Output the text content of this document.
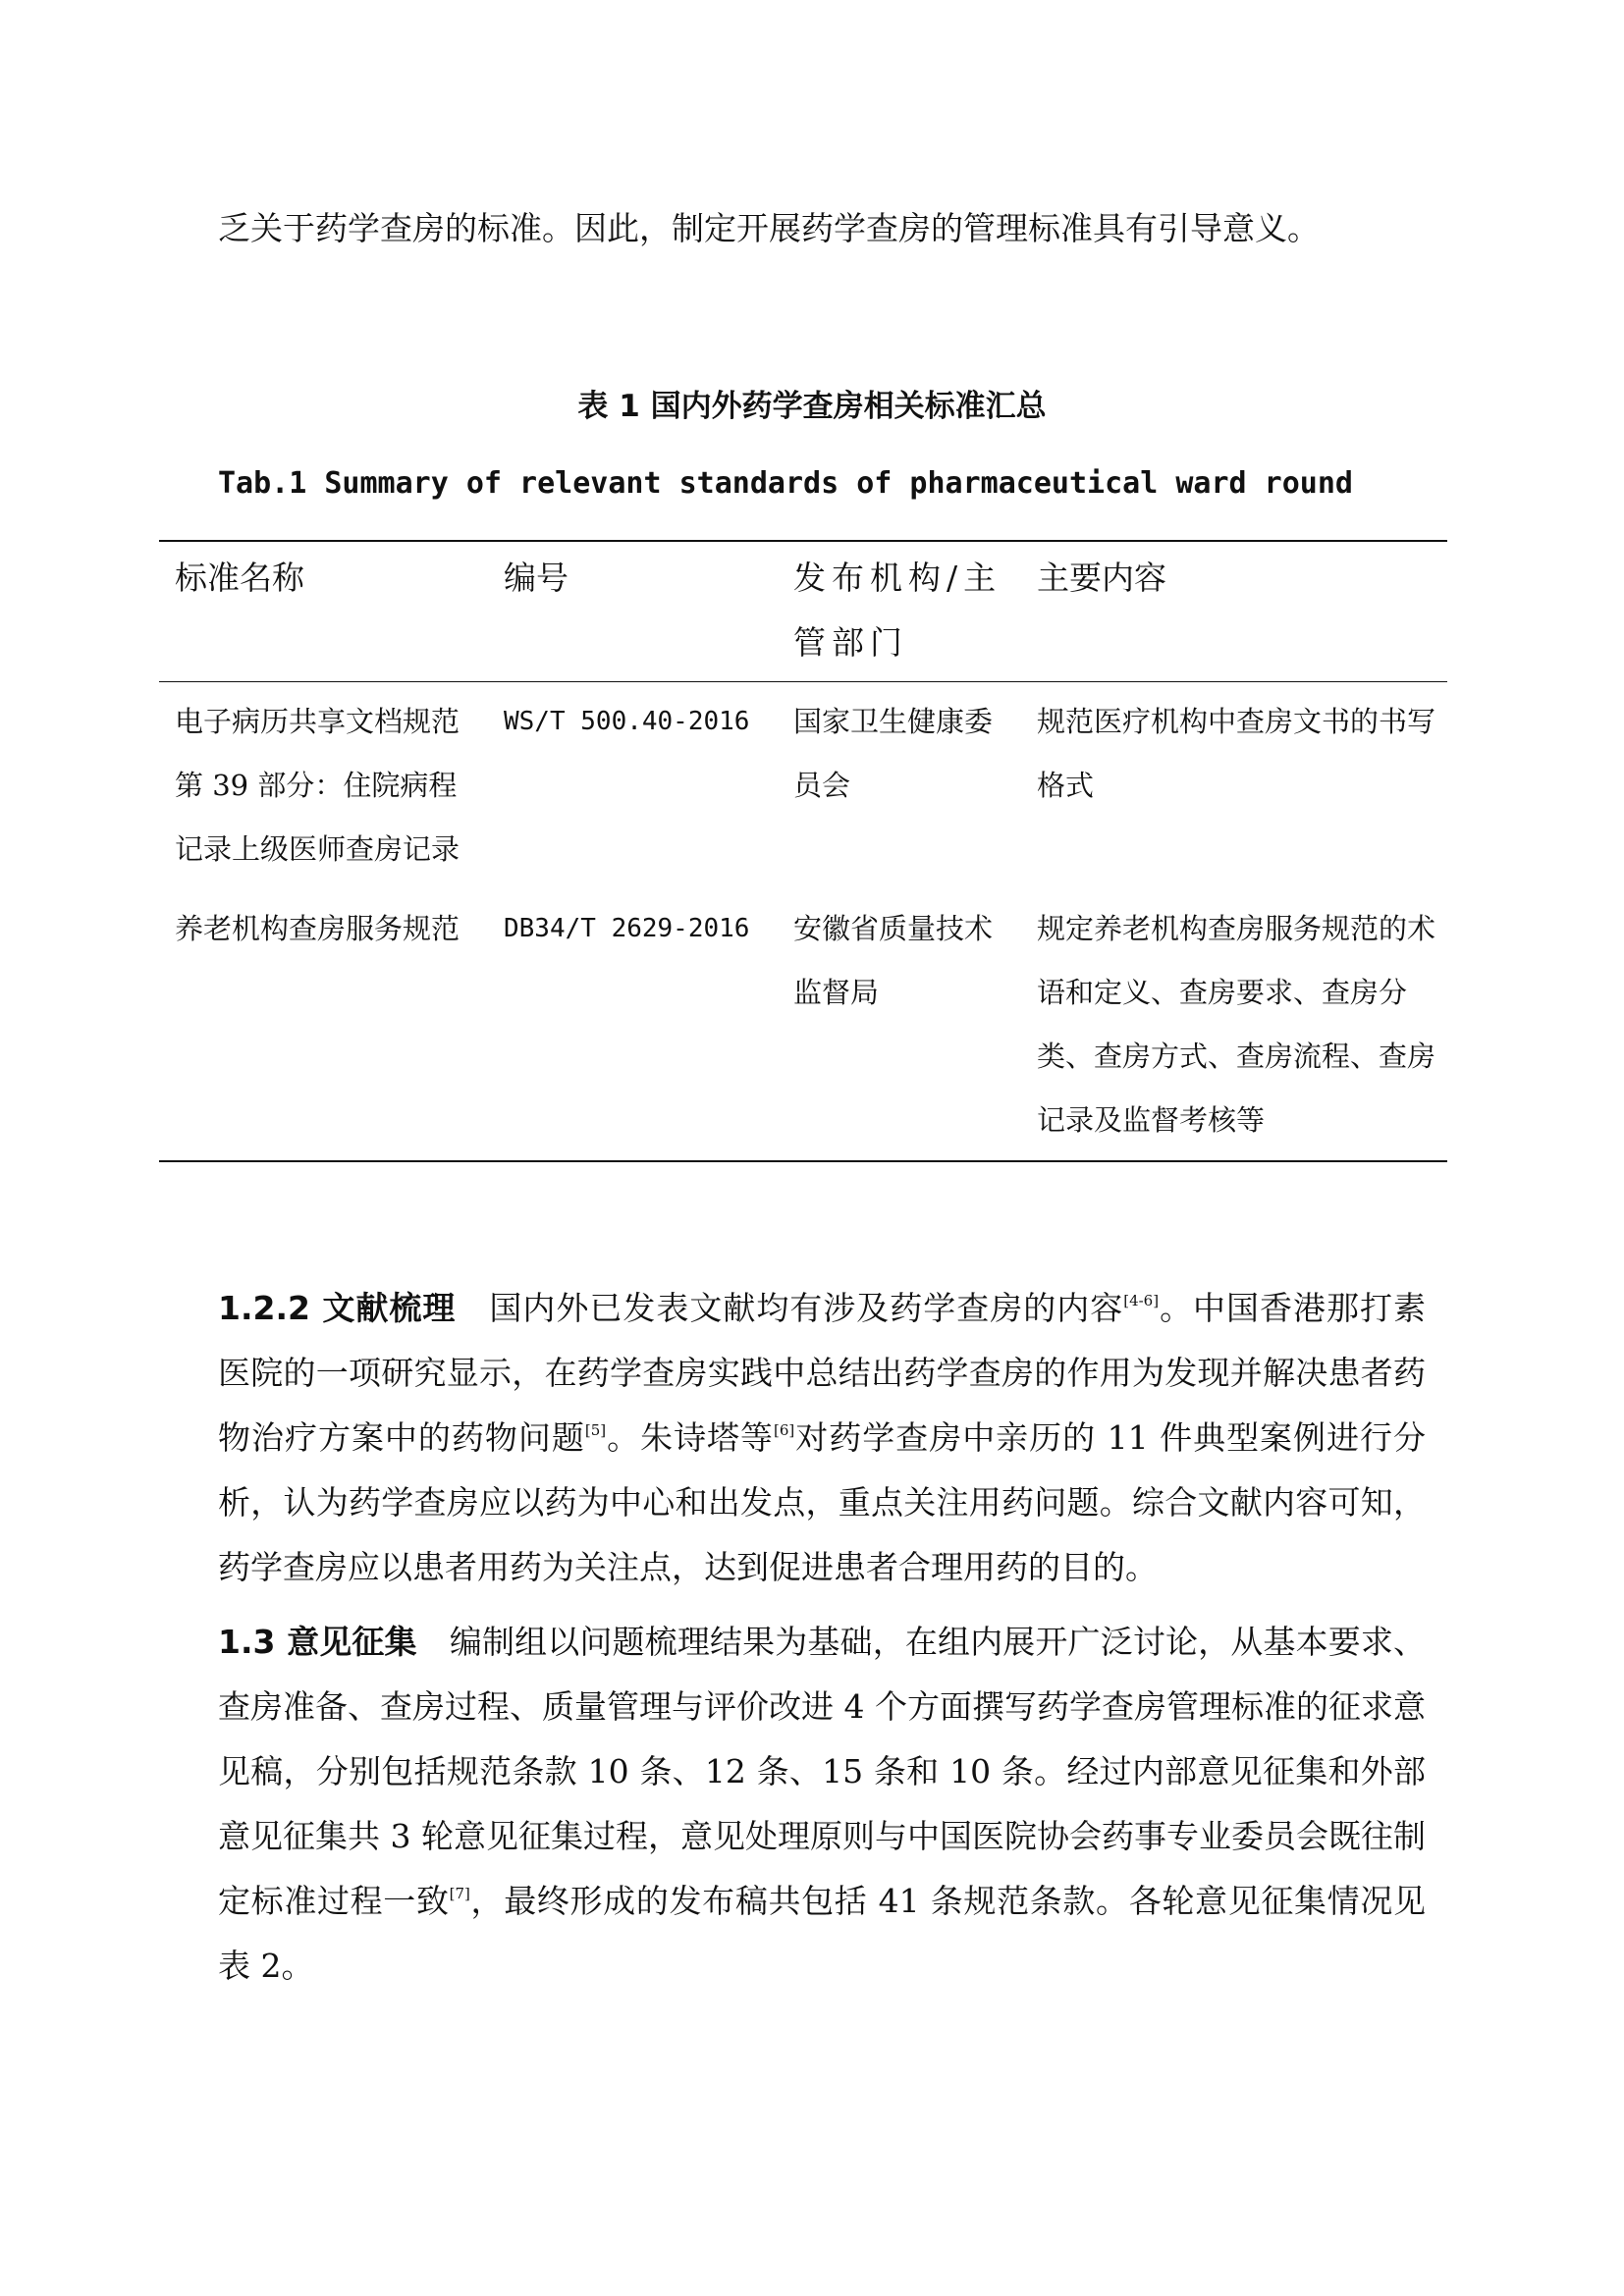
乏关于药学查房的标准。因此，制定开展药学查房的管理标准具有引导意义。

表 1 国内外药学查房相关标准汇总
Tab.1 Summary of relevant standards of pharmaceutical ward round
标准名称	编号	发布机构/主管部门	主要内容
电子病历共享文档规范第 39 部分：住院病程记录上级医师查房记录	WS/T 500.40-2016	国家卫生健康委员会	规范医疗机构中查房文书的书写格式
养老机构查房服务规范	DB34/T 2629-2016	安徽省质量技术监督局	规定养老机构查房服务规范的术语和定义、查房要求、查房分类、查房方式、查房流程、查房记录及监督考核等

1.2.2 文献梳理  国内外已发表文献均有涉及药学查房的内容[4-6]。中国香港那打素医院的一项研究显示，在药学查房实践中总结出药学查房的作用为发现并解决患者药物治疗方案中的药物问题[5]。朱诗塔等[6]对药学查房中亲历的 11 件典型案例进行分析，认为药学查房应以药为中心和出发点，重点关注用药问题。综合文献内容可知，药学查房应以患者用药为关注点，达到促进患者合理用药的目的。

1.3 意见征集  编制组以问题梳理结果为基础，在组内展开广泛讨论，从基本要求、查房准备、查房过程、质量管理与评价改进 4 个方面撰写药学查房管理标准的征求意见稿，分别包括规范条款 10 条、12 条、15 条和 10 条。经过内部意见征集和外部意见征集共 3 轮意见征集过程，意见处理原则与中国医院协会药事专业委员会既往制定标准过程一致[7]，最终形成的发布稿共包括 41 条规范条款。各轮意见征集情况见表 2。
